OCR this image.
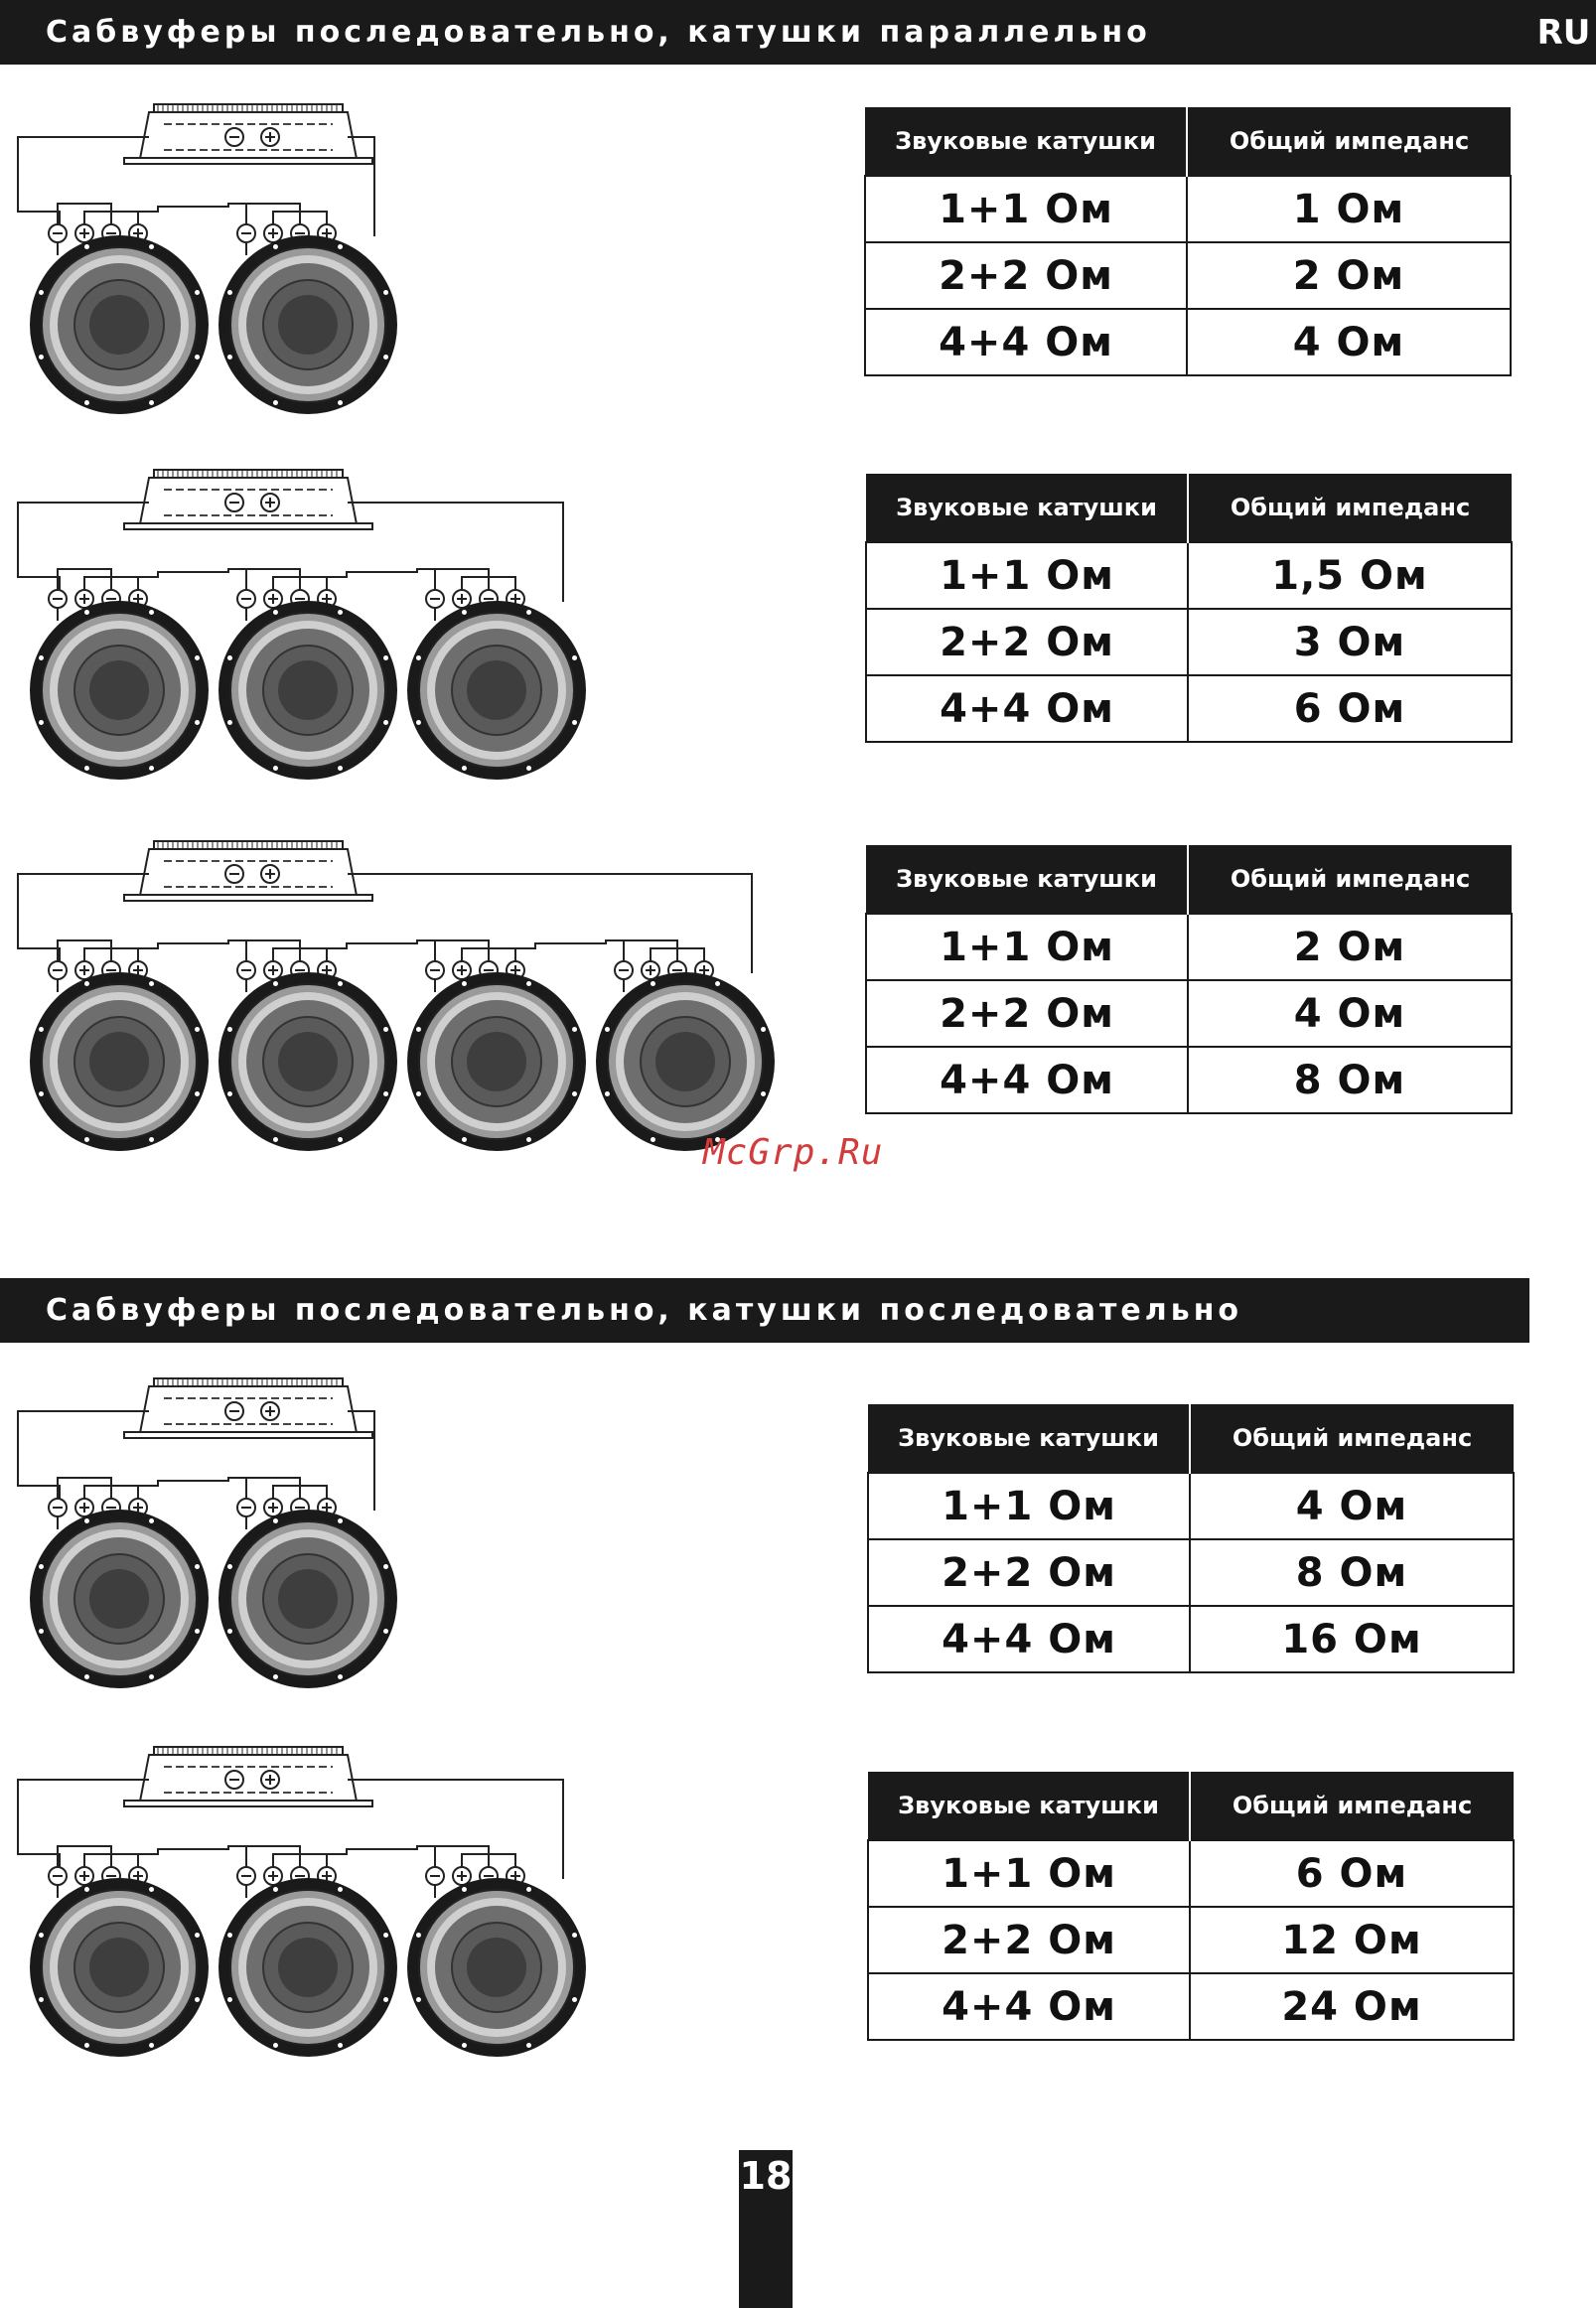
Сабвуферы последовательно, катушки параллельно	RU
Сабвуферы последовательно, катушки последовательно
Звуковые катушки	Общий импеданс
1+1 Ом	1 Ом
2+2 Ом	2 Ом
4+4 Ом	4 Ом
Звуковые катушки	Общий импеданс
1+1 Ом	1,5 Ом
2+2 Ом	3 Ом
4+4 Ом	6 Ом
Звуковые катушки	Общий импеданс
1+1 Ом	2 Ом
2+2 Ом	4 Ом
4+4 Ом	8 Ом
Звуковые катушки	Общий импеданс
1+1 Ом	4 Ом
2+2 Ом	8 Ом
4+4 Ом	16 Ом
Звуковые катушки	Общий импеданс
1+1 Ом	6 Ом
2+2 Ом	12 Ом
4+4 Ом	24 Ом
McGrp.Ru
18
